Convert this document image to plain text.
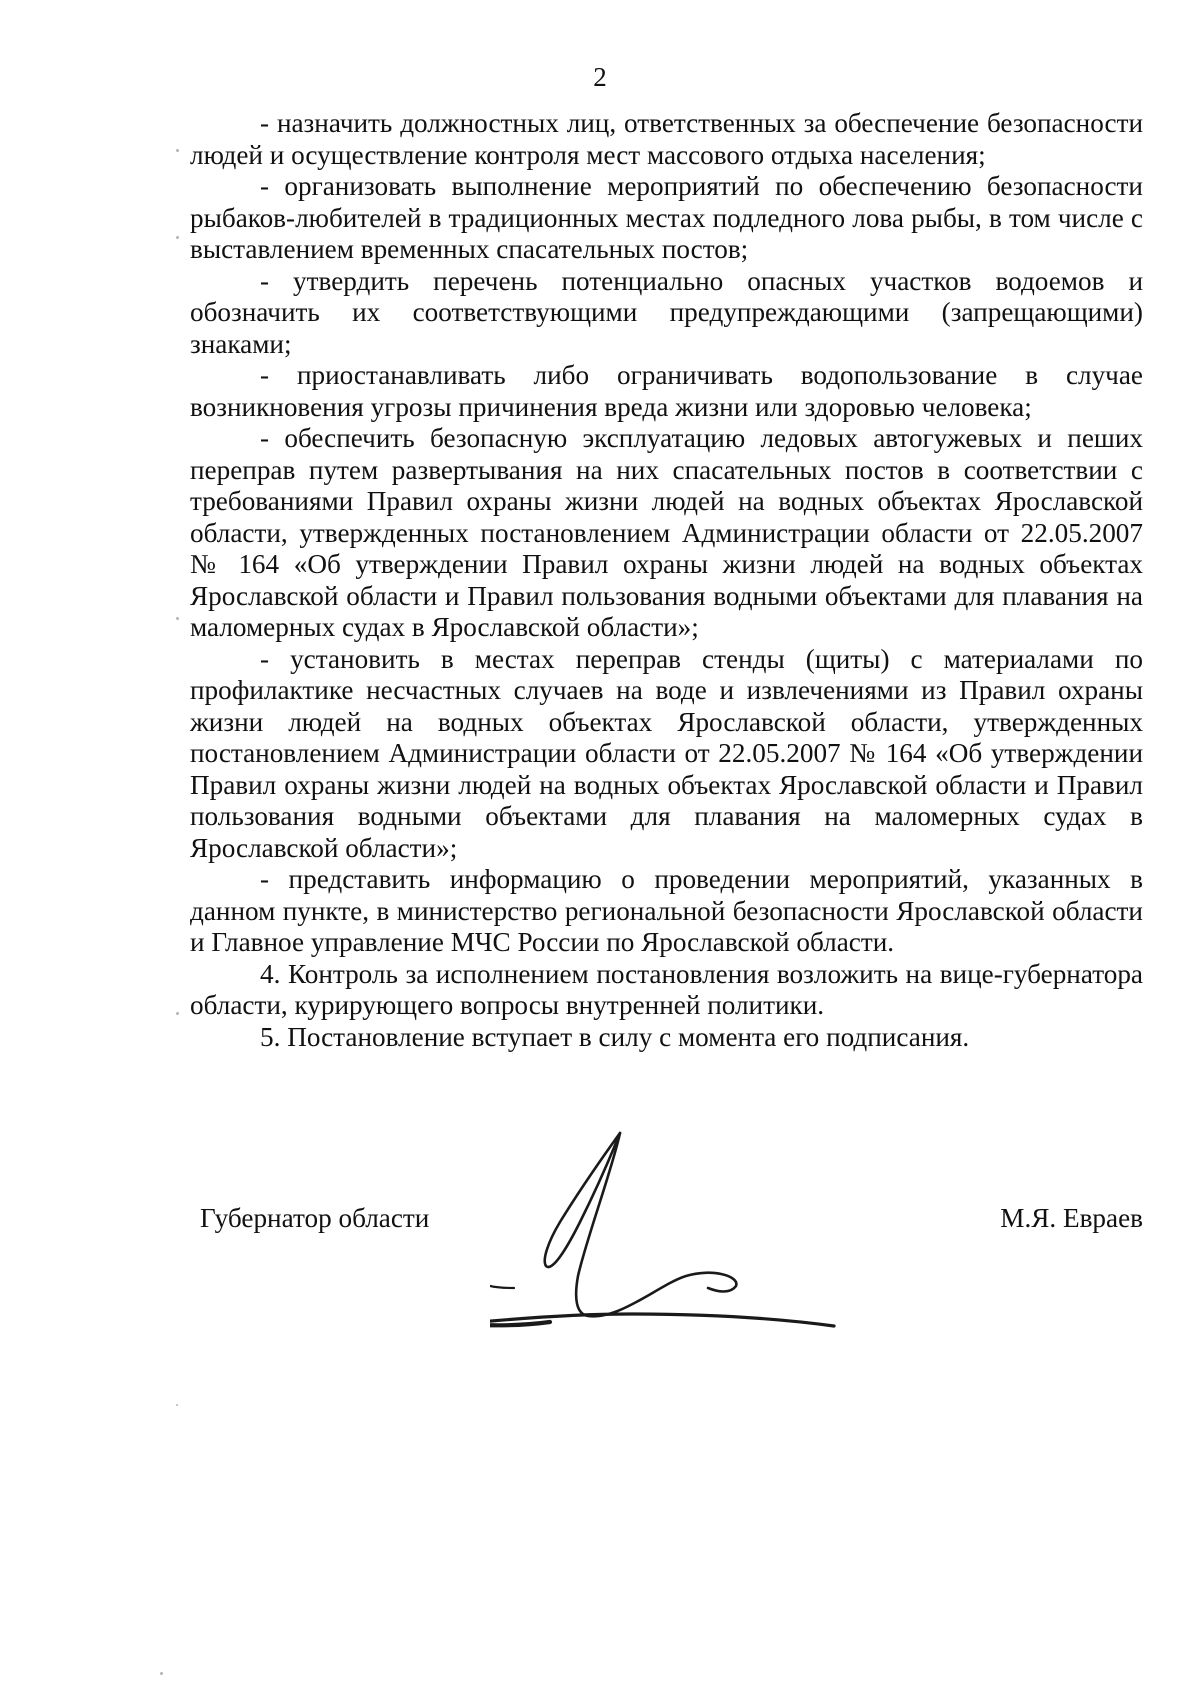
2

- назначить должностных лиц, ответственных за обеспечение безопасности людей и осуществление контроля мест массового отдыха населения;

- организовать выполнение мероприятий по обеспечению безопасности рыбаков-любителей в традиционных местах подледного лова рыбы, в том числе с выставлением временных спасательных постов;

- утвердить перечень потенциально опасных участков водоемов и обозначить их соответствующими предупреждающими (запрещающими) знаками;

- приостанавливать либо ограничивать водопользование в случае возникновения угрозы причинения вреда жизни или здоровью человека;

- обеспечить безопасную эксплуатацию ледовых автогужевых и пеших переправ путем развертывания на них спасательных постов в соответствии с требованиями Правил охраны жизни людей на водных объектах Ярославской области, утвержденных постановлением Администрации области от 22.05.2007 № 164 «Об утверждении Правил охраны жизни людей на водных объектах Ярославской области и Правил пользования водными объектами для плавания на маломерных судах в Ярославской области»;

- установить в местах переправ стенды (щиты) с материалами по профилактике несчастных случаев на воде и извлечениями из Правил охраны жизни людей на водных объектах Ярославской области, утвержденных постановлением Администрации области от 22.05.2007 № 164 «Об утверждении Правил охраны жизни людей на водных объектах Ярославской области и Правил пользования водными объектами для плавания на маломерных судах в Ярославской области»;

- представить информацию о проведении мероприятий, указанных в данном пункте, в министерство региональной безопасности Ярославской области и Главное управление МЧС России по Ярославской области.

4. Контроль за исполнением постановления возложить на вице-губернатора области, курирующего вопросы внутренней политики.

5. Постановление вступает в силу с момента его подписания.

Губернатор области	М.Я. Евраев
